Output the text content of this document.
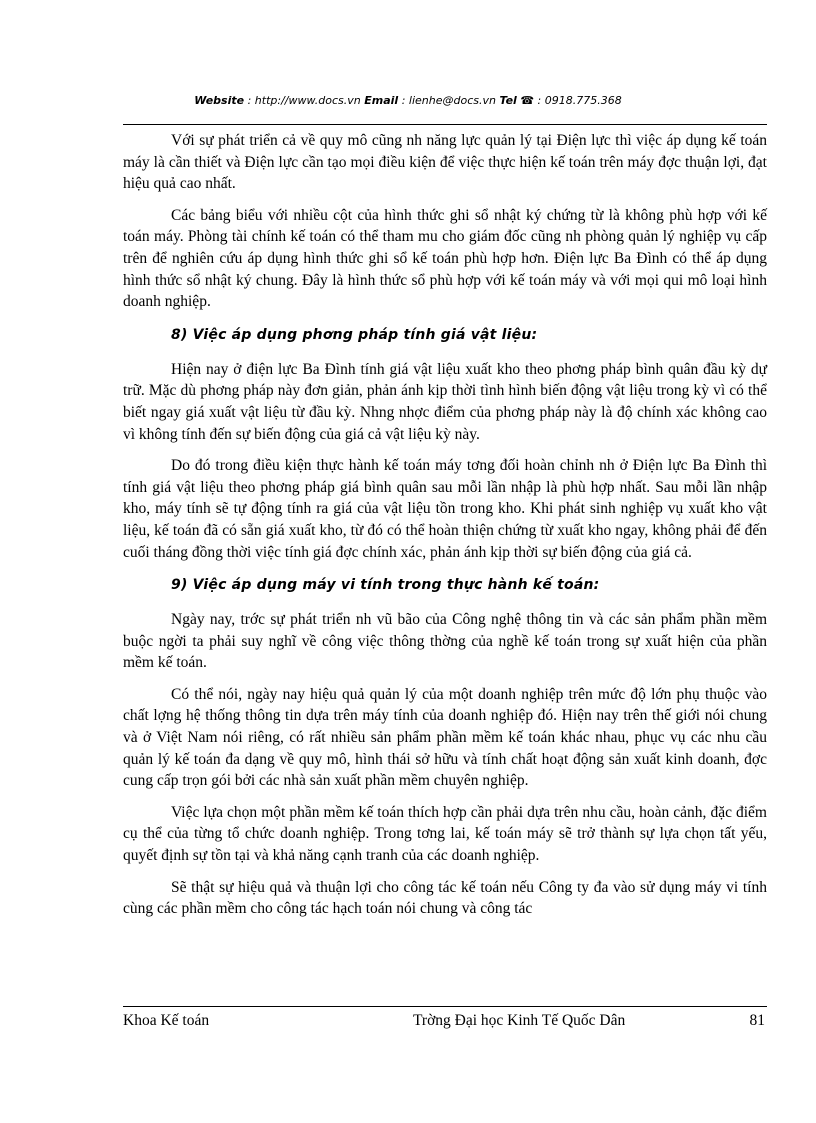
Website : http://www.docs.vn Email : lienhe@docs.vn Tel ☎ : 0918.775.368

Với sự phát triển cả về quy mô cũng nh năng lực quản lý tại Điện lực thì việc áp dụng kế toán máy là cần thiết và Điện lực cần tạo mọi điều kiện để việc thực hiện kế toán trên máy đợc thuận lợi, đạt hiệu quả cao nhất.

Các bảng biểu với nhiều cột của hình thức ghi sổ nhật ký chứng từ là không phù hợp với kế toán máy. Phòng tài chính kế toán có thể tham mu cho giám đốc cũng nh phòng quản lý nghiệp vụ cấp trên để nghiên cứu áp dụng hình thức ghi sổ kế toán phù hợp hơn. Điện lực Ba Đình có thể áp dụng hình thức sổ nhật ký chung. Đây là hình thức sổ phù hợp với kế toán máy và với mọi qui mô loại hình doanh nghiệp.

8) Việc áp dụng phơng pháp tính giá vật liệu:

Hiện nay ở điện lực Ba Đình tính giá vật liệu xuất kho theo phơng pháp bình quân đầu kỳ dự trữ. Mặc dù phơng pháp này đơn giản, phản ánh kịp thời tình hình biến động vật liệu trong kỳ vì có thể biết ngay giá xuất vật liệu từ đầu kỳ. Nhng nhợc điểm của phơng pháp này là độ chính xác không cao vì không tính đến sự biến động của giá cả vật liệu kỳ này.

Do đó trong điều kiện thực hành kế toán máy tơng đối hoàn chỉnh nh ở Điện lực Ba Đình thì tính giá vật liệu theo phơng pháp giá bình quân sau mỗi lần nhập là phù hợp nhất. Sau mỗi lần nhập kho, máy tính sẽ tự động tính ra giá của vật liệu tồn trong kho. Khi phát sinh nghiệp vụ xuất kho vật liệu, kế toán đã có sẵn giá xuất kho, từ đó có thể hoàn thiện chứng từ xuất kho ngay, không phải để đến cuối tháng đồng thời việc tính giá đợc chính xác, phản ánh kịp thời sự biến động của giá cả.

9) Việc áp dụng máy vi tính trong thực hành kế toán:

Ngày nay, trớc sự phát triển nh vũ bão của Công nghệ thông tin và các sản phẩm phần mềm buộc ngời ta phải suy nghĩ về công việc thông thờng của nghề kế toán trong sự xuất hiện của phần mềm kế toán.

Có thể nói, ngày nay hiệu quả quản lý của một doanh nghiệp trên mức độ lớn phụ thuộc vào chất lợng hệ thống thông tin dựa trên máy tính của doanh nghiệp đó. Hiện nay trên thế giới nói chung và ở Việt Nam nói riêng, có rất nhiều sản phẩm phần mềm kế toán khác nhau, phục vụ các nhu cầu quản lý kế toán đa dạng về quy mô, hình thái sở hữu và tính chất hoạt động sản xuất kinh doanh, đợc cung cấp trọn gói bởi các nhà sản xuất phần mềm chuyên nghiệp.

Việc lựa chọn một phần mềm kế toán thích hợp cần phải dựa trên nhu cầu, hoàn cảnh, đặc điểm cụ thể của từng tổ chức doanh nghiệp. Trong tơng lai, kế toán máy sẽ trở thành sự lựa chọn tất yếu, quyết định sự tồn tại và khả năng cạnh tranh của các doanh nghiệp.

Sẽ thật sự hiệu quả và thuận lợi cho công tác kế toán nếu Công ty đa vào sử dụng máy vi tính cùng các phần mềm cho công tác hạch toán nói chung và công tác

Khoa Kế toán	Trờng Đại học Kinh Tế Quốc Dân	81
